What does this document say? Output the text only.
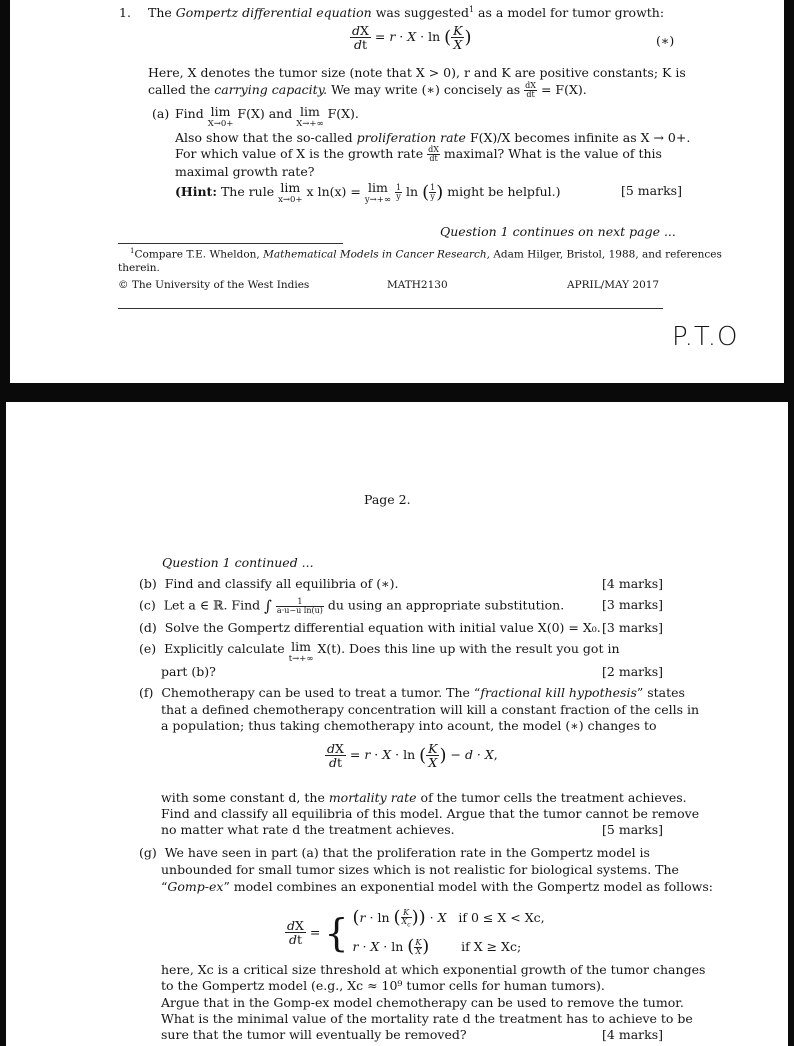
1. The Gompertz differential equation was suggested$^1$ as a model for tumor growth:
$\frac{dX}{dt} = r \cdot X \cdot \ln$ ( $\frac{K}{X}$ )	(∗)
Here, X denotes the tumor size (note that X > 0), r and K are positive constants; K is
called the carrying capacity. We may write (∗) concisely as $\frac{dX}{dt} = F(X)$.
(a) Find lim
X→0+
F(X) and lim
X→+∞
F(X).
Also show that the so-called proliferation rate F(X)/X becomes infinite as X → 0+.
For which value of X is the growth rate $\frac{dX}{dt}$ maximal? What is the value of this
maximal growth rate?
(Hint: The rule lim
x→0+
x ln(x) = lim
y→+∞
$\frac{1}{y}$ ln ( $\frac{1}{y}$ ) might be helpful.)	[5 marks]
Question 1 continues on next page ...
$^1$Compare T.E. Wheldon, Mathematical Models in Cancer Research, Adam Hilger, Bristol, 1988, and references
therein.
© The University of the West Indies	MATH2130	APRIL/MAY 2017
P.T.O
Page 2.
Question 1 continued ...
(b) Find and classify all equilibria of (∗).	[4 marks]
(c) Let a ∈ ℝ. Find ∫ $\frac{1}{\text{a·u−u ln(u)}}$ du using an appropriate substitution.	[3 marks]
(d) Solve the Gompertz differential equation with initial value X(0) = X₀. [3 marks]
(e) Explicitly calculate lim
t→+∞
X(t). Does this line up with the result you got in
part (b)?	[2 marks]
(f) Chemotherapy can be used to treat a tumor. The “fractional kill hypothesis” states
that a defined chemotherapy concentration will kill a constant fraction of the cells in
a population; thus taking chemotherapy into acount, the model (∗) changes to
$\frac{dX}{dt} = r \cdot X \cdot \ln$ ( $\frac{K}{X}$ ) − d · X,
with some constant d, the mortality rate of the tumor cells the treatment achieves.
Find and classify all equilibria of this model. Argue that the tumor cannot be remove
no matter what rate d the treatment achieves.	[5 marks]
(g) We have seen in part (a) that the proliferation rate in the Gompertz model is
unbounded for small tumor sizes which is not realistic for biological systems. The
“Gomp-ex” model combines an exponential model with the Gompertz model as follows:
$\frac{dX}{dt}$ = { (r · ln ( $\frac{K}{X_c}$ )) · X if 0 ≤ X < Xc,
r · X · ln ( $\frac{K}{X}$ )	if X ≥ Xc;
here, Xc is a critical size threshold at which exponential growth of the tumor changes
to the Gompertz model (e.g., Xc ≈ 10⁹ tumor cells for human tumors).
Argue that in the Gomp-ex model chemotherapy can be used to remove the tumor.
What is the minimal value of the mortality rate d the treatment has to achieve to be
sure that the tumor will eventually be removed?	[4 marks]
